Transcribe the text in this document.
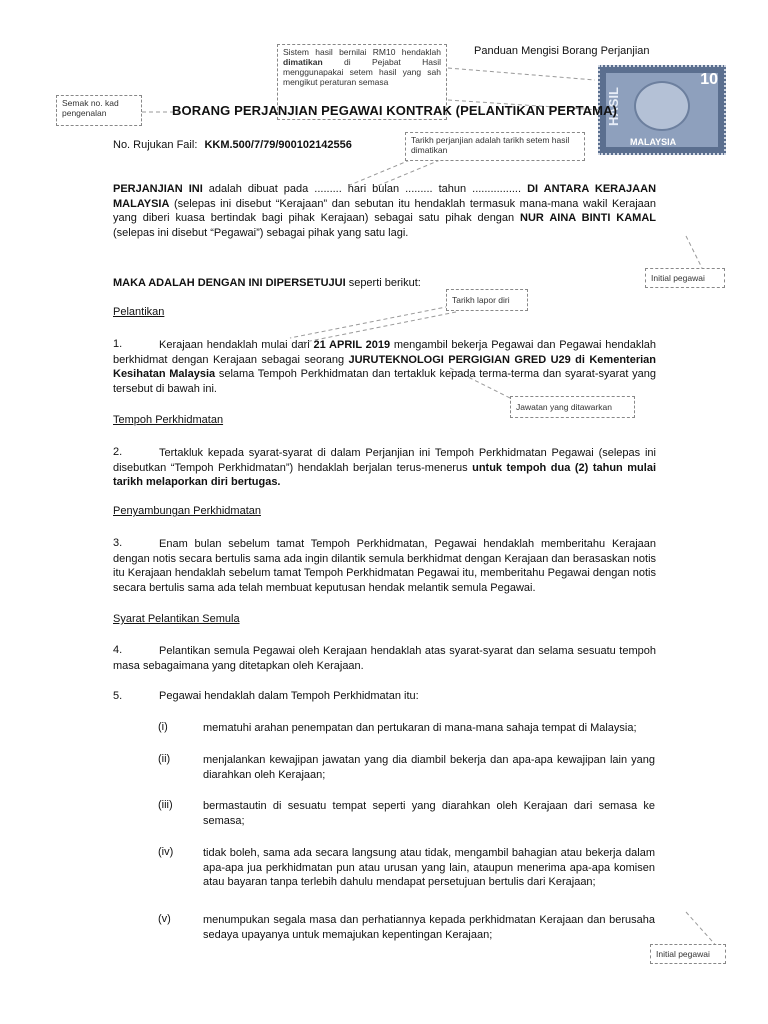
Sistem hasil bernilai RM10 hendaklah dimatikan	di Pejabat Hasil menggunapakai setem hasil yang sah mengikut peraturan semasa
Panduan Mengisi Borang Perjanjian
HASIL
10
MALAYSIA
Semak no. kad pengenalan	BORANG PERJANJIAN PEGAWAI KONTRAK (PELANTIKAN PERTAMA)
No. Rujukan Fail: KKM.500/7/79/900102142556	Tarikh perjanjian adalah tarikh setem hasil dimatikan
PERJANJIAN INI adalah dibuat pada ......... hari bulan ......... tahun ................ DI ANTARA KERAJAAN MALAYSIA (selepas ini disebut “Kerajaan” dan sebutan itu hendaklah termasuk mana-mana wakil Kerajaan yang diberi kuasa bertindak bagi pihak Kerajaan) sebagai satu pihak dengan NUR AINA BINTI KAMAL (selepas ini disebut “Pegawai”) sebagai pihak yang satu lagi.
Initial pegawai
MAKA ADALAH DENGAN INI DIPERSETUJUI seperti berikut:
Tarikh lapor diri
Pelantikan
1.	Kerajaan hendaklah mulai dari 21 APRIL 2019 mengambil bekerja Pegawai dan Pegawai hendaklah berkhidmat dengan Kerajaan sebagai seorang JURUTEKNOLOGI PERGIGIAN GRED U29 di Kementerian Kesihatan Malaysia selama Tempoh Perkhidmatan dan tertakluk kepada terma-terma dan syarat-syarat yang tersebut di bawah ini.
Jawatan yang ditawarkan
Tempoh Perkhidmatan
2.	Tertakluk kepada syarat-syarat di dalam Perjanjian ini Tempoh Perkhidmatan Pegawai (selepas ini disebutkan “Tempoh Perkhidmatan”) hendaklah berjalan terus-menerus untuk tempoh dua (2) tahun mulai tarikh melaporkan diri bertugas.
Penyambungan Perkhidmatan
3.	Enam bulan sebelum tamat Tempoh Perkhidmatan, Pegawai hendaklah memberitahu Kerajaan dengan notis secara bertulis sama ada ingin dilantik semula berkhidmat dengan Kerajaan dan berasaskan notis itu Kerajaan hendaklah sebelum tamat Tempoh Perkhidmatan Pegawai itu, memberitahu Pegawai dengan notis secara bertulis sama ada telah membuat keputusan hendak melantik semula Pegawai.
Syarat Pelantikan Semula
4.	Pelantikan semula Pegawai oleh Kerajaan hendaklah atas syarat-syarat dan selama sesuatu tempoh masa sebagaimana yang ditetapkan oleh Kerajaan.
5.	Pegawai hendaklah dalam Tempoh Perkhidmatan itu:
(i)	mematuhi arahan penempatan dan pertukaran di mana-mana sahaja tempat di Malaysia;
(ii)	menjalankan kewajipan jawatan yang dia diambil bekerja dan apa-apa kewajipan lain yang diarahkan oleh Kerajaan;
(iii)	bermastautin di sesuatu tempat seperti yang diarahkan oleh Kerajaan dari semasa ke semasa;
(iv)	tidak boleh, sama ada secara langsung atau tidak, mengambil bahagian atau bekerja dalam apa-apa jua perkhidmatan pun atau urusan yang lain, ataupun menerima apa-apa komisen atau bayaran tanpa terlebih dahulu mendapat persetujuan bertulis dari Kerajaan;
(v)	menumpukan segala masa dan perhatiannya kepada perkhidmatan Kerajaan dan berusaha sedaya upayanya untuk memajukan kepentingan Kerajaan;
Initial pegawai
